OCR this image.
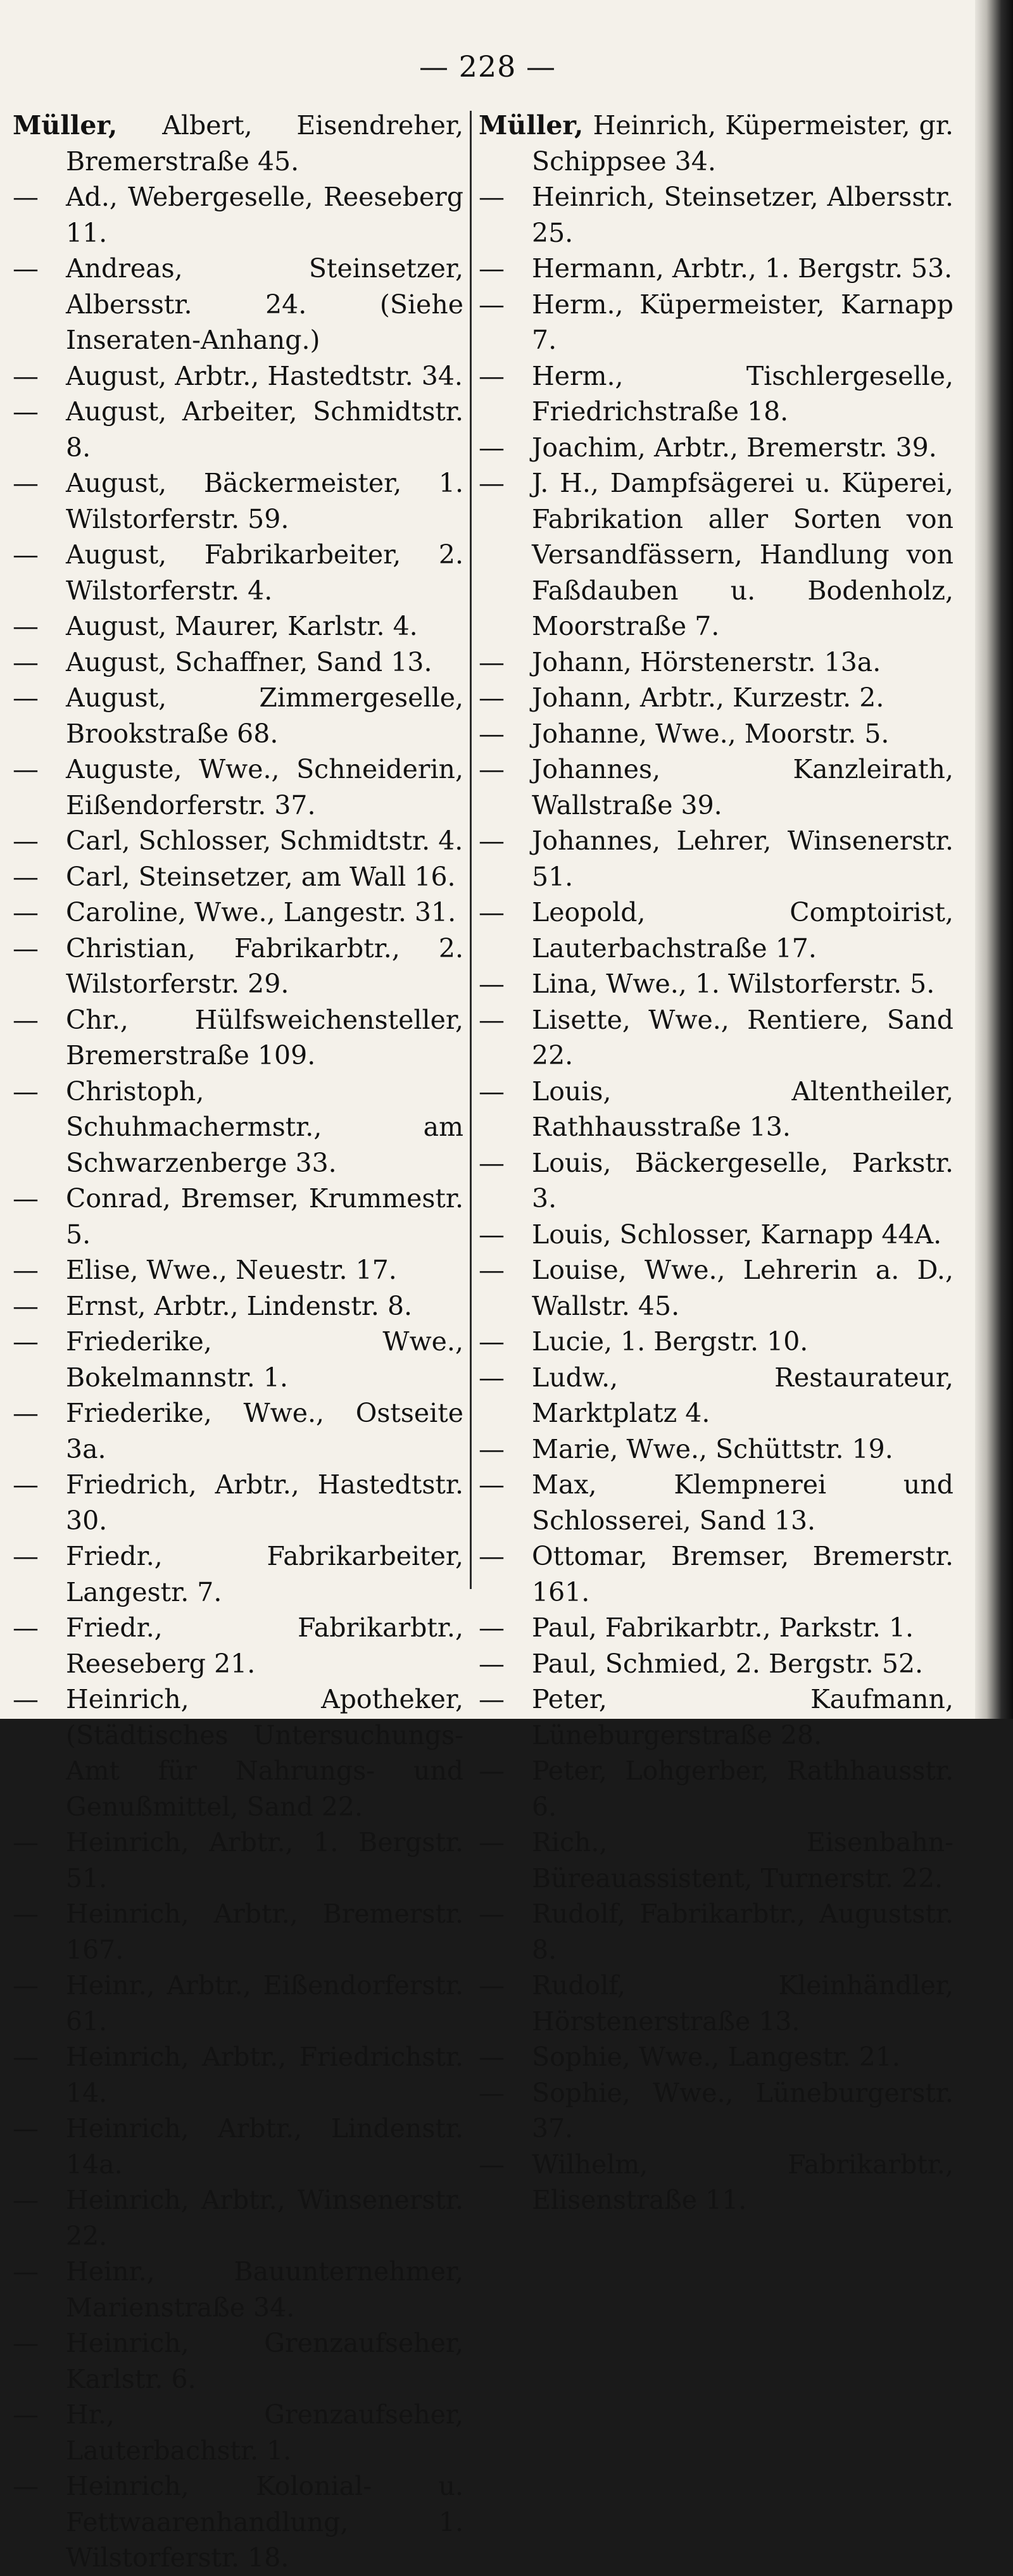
— 228 —
Müller, Albert, Eisendreher, Bremerstraße 45.
— Ad., Webergeselle, Reeseberg 11.
— Andreas, Steinsetzer, Albersstr. 24. (Siehe Inseraten-Anhang.)
— August, Arbtr., Hastedtstr. 34.
— August, Arbeiter, Schmidtstr. 8.
— August, Bäckermeister, 1. Wilstorferstr. 59.
— August, Fabrikarbeiter, 2. Wilstorferstr. 4.
— August, Maurer, Karlstr. 4.
— August, Schaffner, Sand 13.
— August, Zimmergeselle, Brookstraße 68.
— Auguste, Wwe., Schneiderin, Eißendorferstr. 37.
— Carl, Schlosser, Schmidtstr. 4.
— Carl, Steinsetzer, am Wall 16.
— Caroline, Wwe., Langestr. 31.
— Christian, Fabrikarbtr., 2. Wilstorferstr. 29.
— Chr., Hülfsweichensteller, Bremerstraße 109.
— Christoph, Schuhmachermstr., am Schwarzenberge 33.
— Conrad, Bremser, Krummestr. 5.
— Elise, Wwe., Neuestr. 17.
— Ernst, Arbtr., Lindenstr. 8.
— Friederike, Wwe., Bokelmannstr. 1.
— Friederike, Wwe., Ostseite 3a.
— Friedrich, Arbtr., Hastedtstr. 30.
— Friedr., Fabrikarbeiter, Langestr. 7.
— Friedr., Fabrikarbtr., Reeseberg 21.
— Heinrich, Apotheker, (Städtisches Untersuchungs-Amt für Nahrungs- und Genußmittel, Sand 22.
— Heinrich, Arbtr., 1. Bergstr. 51.
— Heinrich, Arbtr., Bremerstr. 167.
— Heinr., Arbtr., Eißendorferstr. 61.
— Heinrich, Arbtr., Friedrichstr. 14.
— Heinrich, Arbtr., Lindenstr. 14a.
— Heinrich, Arbtr., Winsenerstr. 22.
— Heinr., Bauunternehmer, Marienstraße 34.
— Heinrich, Grenzaufseher, Karlstr. 6.
— Hr., Grenzaufseher, Lauterbachstr. 1.
— Heinrich, Kolonial- u. Fettwaarenhandlung, 1. Wilstorferstr. 18.
Müller, Heinrich, Küpermeister, gr. Schippsee 34.
— Heinrich, Steinsetzer, Albersstr. 25.
— Hermann, Arbtr., 1. Bergstr. 53.
— Herm., Küpermeister, Karnapp 7.
— Herm., Tischlergeselle, Friedrichstraße 18.
— Joachim, Arbtr., Bremerstr. 39.
— J. H., Dampfsägerei u. Küperei, Fabrikation aller Sorten von Versandfässern, Handlung von Faßdauben u. Bodenholz, Moorstraße 7.
— Johann, Hörstenerstr. 13a.
— Johann, Arbtr., Kurzestr. 2.
— Johanne, Wwe., Moorstr. 5.
— Johannes, Kanzleirath, Wallstraße 39.
— Johannes, Lehrer, Winsenerstr. 51.
— Leopold, Comptoirist, Lauterbachstraße 17.
— Lina, Wwe., 1. Wilstorferstr. 5.
— Lisette, Wwe., Rentiere, Sand 22.
— Louis, Altentheiler, Rathhausstraße 13.
— Louis, Bäckergeselle, Parkstr. 3.
— Louis, Schlosser, Karnapp 44A.
— Louise, Wwe., Lehrerin a. D., Wallstr. 45.
— Lucie, 1. Bergstr. 10.
— Ludw., Restaurateur, Marktplatz 4.
— Marie, Wwe., Schüttstr. 19.
— Max, Klempnerei und Schlosserei, Sand 13.
— Ottomar, Bremser, Bremerstr. 161.
— Paul, Fabrikarbtr., Parkstr. 1.
— Paul, Schmied, 2. Bergstr. 52.
— Peter, Kaufmann, Lüneburgerstraße 28.
— Peter, Lohgerber, Rathhausstr. 6.
— Rich., Eisenbahn-Büreauassistent, Turnerstr. 22.
— Rudolf, Fabrikarbtr., Auguststr. 8.
— Rudolf, Kleinhändler, Hörstenerstraße 13.
— Sophie, Wwe., Langestr. 21.
— Sophie, Wwe., Lüneburgerstr. 37.
— Wilhelm, Fabrikarbtr., Elisenstraße 11.
